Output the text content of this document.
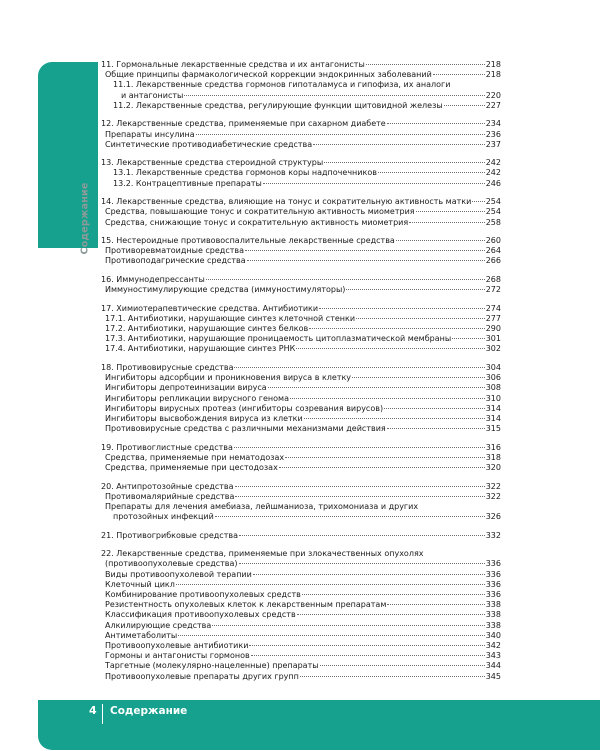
Содержание
11. Гормональные лекарственные средства и их антагонисты	218
Общие принципы фармакологической коррекции эндокринных заболеваний	218
11.1. Лекарственные средства гормонов гипоталамуса и гипофиза, их аналоги
и антагонисты	220
11.2. Лекарственные средства, регулирующие функции щитовидной железы	227
12. Лекарственные средства, применяемые при сахарном диабете	234
Препараты инсулина	236
Синтетические противодиабетические средства	237
13. Лекарственные средства стероидной структуры	242
13.1. Лекарственные средства гормонов коры надпочечников	242
13.2. Контрацептивные препараты	246
14. Лекарственные средства, влияющие на тонус и сократительную активность матки 254
Средства, повышающие тонус и сократительную активность миометрия	254
Средства, снижающие тонус и сократительную активность миометрия	258
15. Нестероидные противовоспалительные лекарственные средства	260
Противоревматоидные средства	264
Противоподагрические средства	266
16. Иммунодепрессанты	268
Иммуностимулирующие средства (иммуностимуляторы)	272
17. Химиотерапевтические средства. Антибиотики	274
17.1. Антибиотики, нарушающие синтез клеточной стенки	277
17.2. Антибиотики, нарушающие синтез белков	290
17.3. Антибиотики, нарушающие проницаемость цитоплазматической мембраны	301
17.4. Антибиотики, нарушающие синтез РНК	302
18. Противовирусные средства	304
Ингибиторы адсорбции и проникновения вируса в клетку	306
Ингибиторы депротеинизации вируса	308
Ингибиторы репликации вирусного генома	310
Ингибиторы вирусных протеаз (ингибиторы созревания вирусов)	314
Ингибиторы высвобождения вируса из клетки	314
Противовирусные средства с различными механизмами действия	315
19. Противоглистные средства	316
Средства, применяемые при нематодозах	318
Средства, применяемые при цестодозах	320
20. Антипротозойные средства	322
Противомалярийные средства	322
Препараты для лечения амебиаза, лейшманиоза, трихомониаза и других
протозойных инфекций	326
21. Противогрибковые средства	332
22. Лекарственные средства, применяемые при злокачественных опухолях
(противоопухолевые средства)	336
Виды противоопухолевой терапии	336
Клеточный цикл	336
Комбинирование противоопухолевых средств	336
Резистентность опухолевых клеток к лекарственным препаратам	338
Классификация противоопухолевых средств	338
Алкилирующие средства	338
Антиметаболиты	340
Противоопухолевые антибиотики	342
Гормоны и антагонисты гормонов	343
Таргетные (молекулярно-нацеленные) препараты	344
Противоопухолевые препараты других групп	345
4 Содержание
